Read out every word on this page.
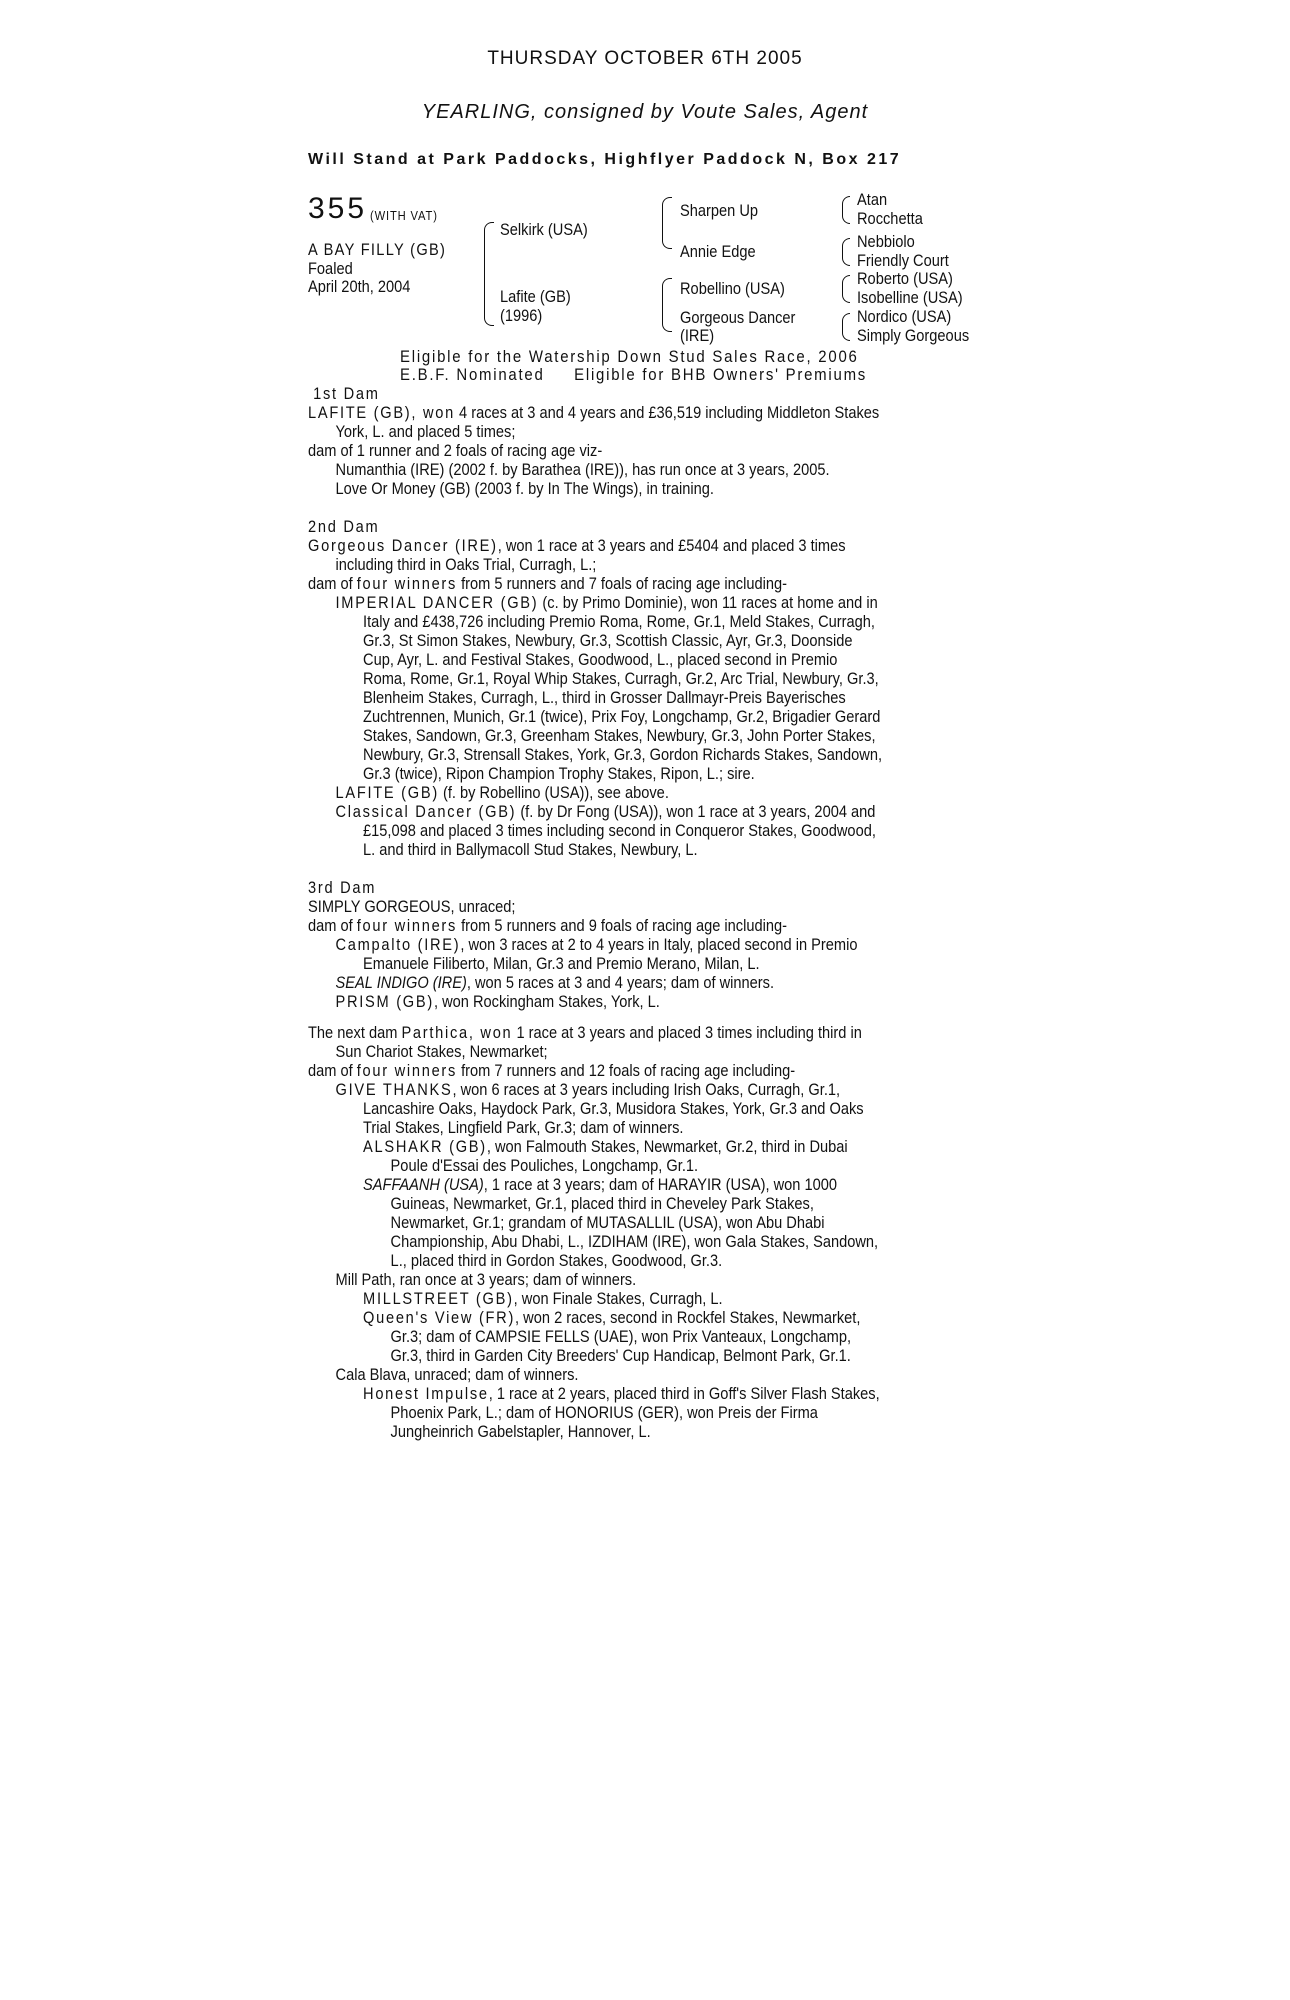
THURSDAY OCTOBER 6TH 2005
YEARLING, consigned by Voute Sales, Agent
Will Stand at Park Paddocks, Highflyer Paddock N, Box 217
355 (WITH VAT)
A BAY FILLY (GB)
Foaled
April 20th, 2004
Selkirk (USA)
Lafite (GB)
(1996)
Sharpen Up
Annie Edge
Robellino (USA)
Gorgeous Dancer
(IRE)
Atan
Rocchetta
Nebbiolo
Friendly Court
Roberto (USA)
Isobelline (USA)
Nordico (USA)
Simply Gorgeous
Eligible for the Watership Down Stud Sales Race, 2006
E.B.F. Nominated     Eligible for BHB Owners' Premiums

1st Dam

LAFITE (GB), won 4 races at 3 and 4 years and £36,519 including Middleton Stakes York, L. and placed 5 times;

dam of 1 runner and 2 foals of racing age viz-

Numanthia (IRE) (2002 f. by Barathea (IRE)), has run once at 3 years, 2005.

Love Or Money (GB) (2003 f. by In The Wings), in training.

2nd Dam

Gorgeous Dancer (IRE), won 1 race at 3 years and £5404 and placed 3 times including third in Oaks Trial, Curragh, L.;

dam of four winners from 5 runners and 7 foals of racing age including-

IMPERIAL DANCER (GB) (c. by Primo Dominie), won 11 races at home and in Italy and £438,726 including Premio Roma, Rome, Gr.1, Meld Stakes, Curragh, Gr.3, St Simon Stakes, Newbury, Gr.3, Scottish Classic, Ayr, Gr.3, Doonside Cup, Ayr, L. and Festival Stakes, Goodwood, L., placed second in Premio Roma, Rome, Gr.1, Royal Whip Stakes, Curragh, Gr.2, Arc Trial, Newbury, Gr.3, Blenheim Stakes, Curragh, L., third in Grosser Dallmayr-Preis Bayerisches Zuchtrennen, Munich, Gr.1 (twice), Prix Foy, Longchamp, Gr.2, Brigadier Gerard Stakes, Sandown, Gr.3, Greenham Stakes, Newbury, Gr.3, John Porter Stakes, Newbury, Gr.3, Strensall Stakes, York, Gr.3, Gordon Richards Stakes, Sandown, Gr.3 (twice), Ripon Champion Trophy Stakes, Ripon, L.; sire.

LAFITE (GB) (f. by Robellino (USA)), see above.

Classical Dancer (GB) (f. by Dr Fong (USA)), won 1 race at 3 years, 2004 and £15,098 and placed 3 times including second in Conqueror Stakes, Goodwood, L. and third in Ballymacoll Stud Stakes, Newbury, L.

3rd Dam

SIMPLY GORGEOUS, unraced;

dam of four winners from 5 runners and 9 foals of racing age including-

Campalto (IRE), won 3 races at 2 to 4 years in Italy, placed second in Premio Emanuele Filiberto, Milan, Gr.3 and Premio Merano, Milan, L.

SEAL INDIGO (IRE), won 5 races at 3 and 4 years; dam of winners.

PRISM (GB), won Rockingham Stakes, York, L.

The next dam Parthica, won 1 race at 3 years and placed 3 times including third in Sun Chariot Stakes, Newmarket;

dam of four winners from 7 runners and 12 foals of racing age including-

GIVE THANKS, won 6 races at 3 years including Irish Oaks, Curragh, Gr.1, Lancashire Oaks, Haydock Park, Gr.3, Musidora Stakes, York, Gr.3 and Oaks Trial Stakes, Lingfield Park, Gr.3; dam of winners.

ALSHAKR (GB), won Falmouth Stakes, Newmarket, Gr.2, third in Dubai Poule d'Essai des Pouliches, Longchamp, Gr.1.

SAFFAANH (USA), 1 race at 3 years; dam of HARAYIR (USA), won 1000 Guineas, Newmarket, Gr.1, placed third in Cheveley Park Stakes, Newmarket, Gr.1; grandam of MUTASALLIL (USA), won Abu Dhabi Championship, Abu Dhabi, L., IZDIHAM (IRE), won Gala Stakes, Sandown, L., placed third in Gordon Stakes, Goodwood, Gr.3.

Mill Path, ran once at 3 years; dam of winners.

MILLSTREET (GB), won Finale Stakes, Curragh, L.

Queen's View (FR), won 2 races, second in Rockfel Stakes, Newmarket, Gr.3; dam of CAMPSIE FELLS (UAE), won Prix Vanteaux, Longchamp, Gr.3, third in Garden City Breeders' Cup Handicap, Belmont Park, Gr.1.

Cala Blava, unraced; dam of winners.

Honest Impulse, 1 race at 2 years, placed third in Goff's Silver Flash Stakes, Phoenix Park, L.; dam of HONORIUS (GER), won Preis der Firma Jungheinrich Gabelstapler, Hannover, L.
